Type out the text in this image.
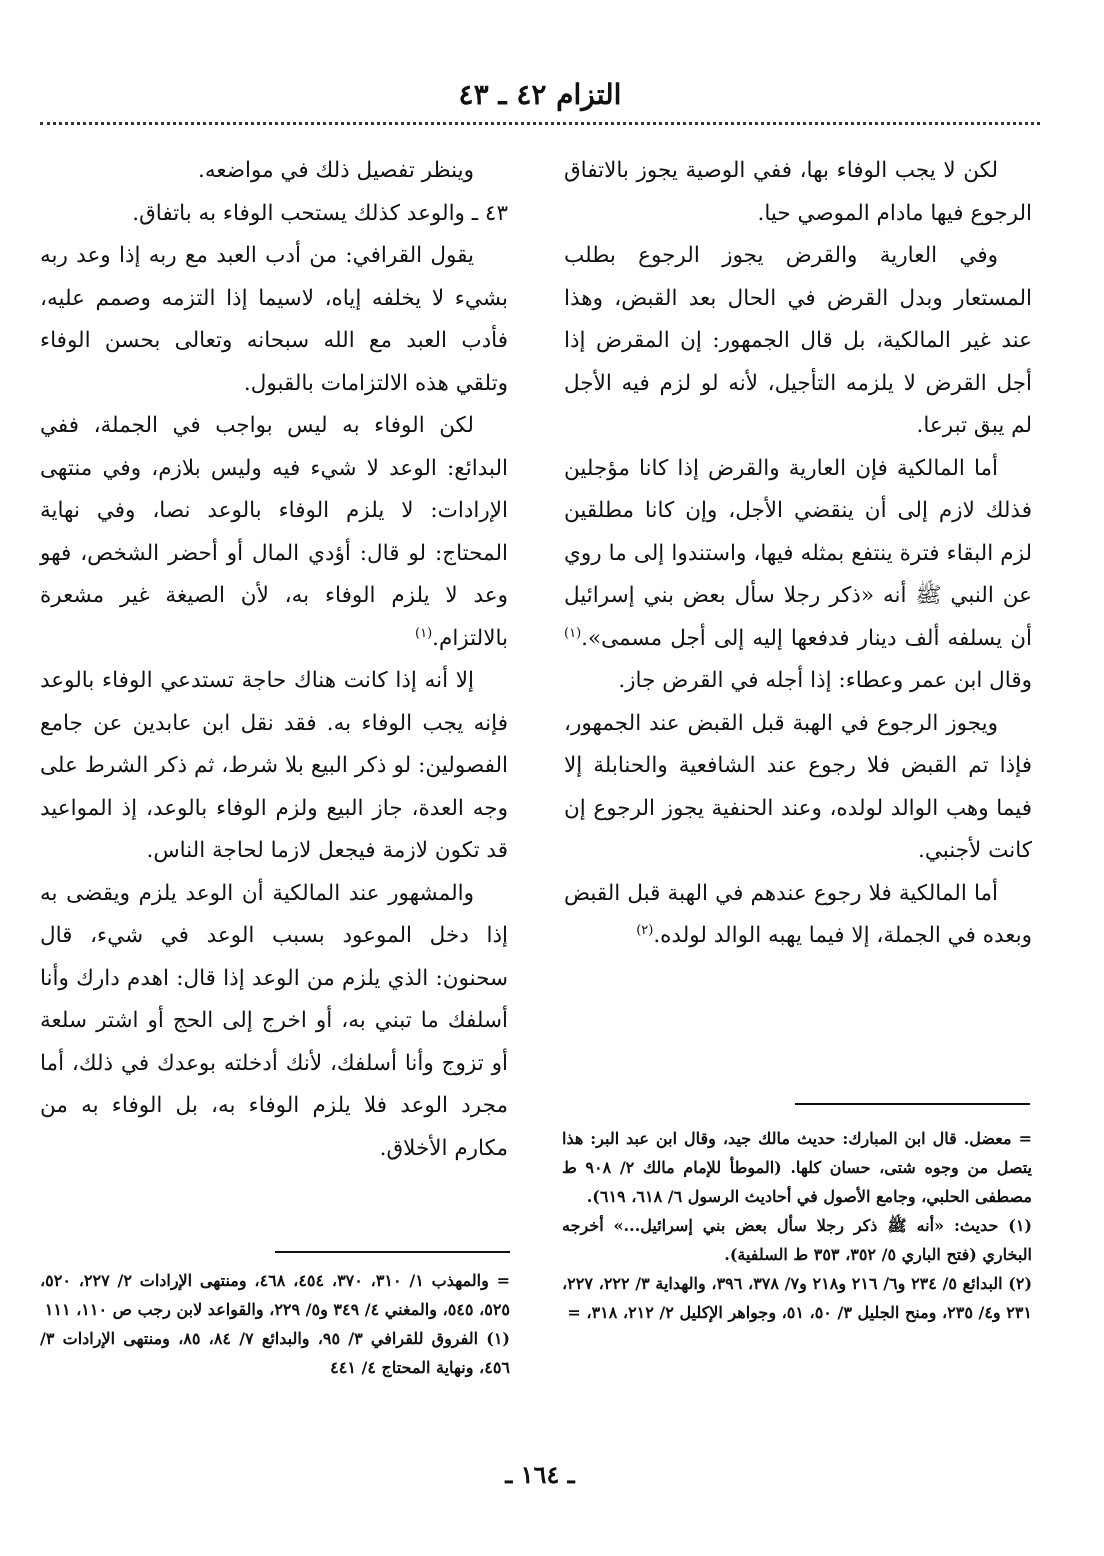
التزام ٤٢ ـ ٤٣

لكن لا يجب الوفاء بها، ففي الوصية يجوز بالاتفاق الرجوع فيها مادام الموصي حيا.

وفي العارية والقرض يجوز الرجوع بطلب المستعار وبدل القرض في الحال بعد القبض، وهذا عند غير المالكية، بل قال الجمهور: إن المقرض إذا أجل القرض لا يلزمه التأجيل، لأنه لو لزم فيه الأجل لم يبق تبرعا.

أما المالكية فإن العارية والقرض إذا كانا مؤجلين فذلك لازم إلى أن ينقضي الأجل، وإن كانا مطلقين لزم البقاء فترة ينتفع بمثله فيها، واستندوا إلى ما روي عن النبي ﷺ أنه «ذكر رجلا سأل بعض بني إسرائيل أن يسلفه ألف دينار فدفعها إليه إلى أجل مسمى».$^{(١)}$ وقال ابن عمر وعطاء: إذا أجله في القرض جاز.

ويجوز الرجوع في الهبة قبل القبض عند الجمهور، فإذا تم القبض فلا رجوع عند الشافعية والحنابلة إلا فيما وهب الوالد لولده، وعند الحنفية يجوز الرجوع إن كانت لأجنبي.

أما المالكية فلا رجوع عندهم في الهبة قبل القبض وبعده في الجملة، إلا فيما يهبه الوالد لولده.$^{(٢)}$

وينظر تفصيل ذلك في مواضعه.

٤٣ ـ والوعد كذلك يستحب الوفاء به باتفاق.

يقول القرافي: من أدب العبد مع ربه إذا وعد ربه بشيء لا يخلفه إياه، لاسيما إذا التزمه وصمم عليه، فأدب العبد مع الله سبحانه وتعالى بحسن الوفاء وتلقي هذه الالتزامات بالقبول.

لكن الوفاء به ليس بواجب في الجملة، ففي البدائع: الوعد لا شيء فيه وليس بلازم، وفي منتهى الإرادات: لا يلزم الوفاء بالوعد نصا، وفي نهاية المحتاج: لو قال: أؤدي المال أو أحضر الشخص، فهو وعد لا يلزم الوفاء به، لأن الصيغة غير مشعرة بالالتزام.$^{(١)}$

إلا أنه إذا كانت هناك حاجة تستدعي الوفاء بالوعد فإنه يجب الوفاء به. فقد نقل ابن عابدين عن جامع الفصولين: لو ذكر البيع بلا شرط، ثم ذكر الشرط على وجه العدة، جاز البيع ولزم الوفاء بالوعد، إذ المواعيد قد تكون لازمة فيجعل لازما لحاجة الناس.

والمشهور عند المالكية أن الوعد يلزم ويقضى به إذا دخل الموعود بسبب الوعد في شيء، قال سحنون: الذي يلزم من الوعد إذا قال: اهدم دارك وأنا أسلفك ما تبني به، أو اخرج إلى الحج أو اشتر سلعة أو تزوج وأنا أسلفك، لأنك أدخلته بوعدك في ذلك، أما مجرد الوعد فلا يلزم الوفاء به، بل الوفاء به من مكارم الأخلاق.	= معضل. قال ابن المبارك: حديث مالك جيد، وقال ابن عبد البر: هذا يتصل من وجوه شتى، حسان كلها. (الموطأ للإمام مالك ٢/ ٩٠٨ ط مصطفى الحلبي، وجامع الأصول في أحاديث الرسول ٦/ ٦١٨، ٦١٩).

(١) حديث: «أنه ﷺ ذكر رجلا سأل بعض بني إسرائيل...» أخرجه البخاري (فتح الباري ٥/ ٣٥٢، ٣٥٣ ط السلفية).

(٢) البدائع ٥/ ٢٣٤ و٦/ ٢١٦ و٢١٨ و٧/ ٣٧٨، ٣٩٦، والهداية ٣/ ٢٢٢، ٢٢٧، ٢٣١ و٤/ ٢٣٥، ومنح الجليل ٣/ ٥٠، ٥١، وجواهر الإكليل ٢/ ٢١٢، ٣١٨، =

= والمهذب ١/ ٣١٠، ٣٧٠، ٤٥٤، ٤٦٨، ومنتهى الإرادات ٢/ ٢٢٧، ٥٢٠، ٥٢٥، ٥٤٥، والمغني ٤/ ٣٤٩ و٥/ ٢٢٩، والقواعد لابن رجب ص ١١٠، ١١١

(١) الفروق للقرافي ٣/ ٩٥، والبدائع ٧/ ٨٤، ٨٥، ومنتهى الإرادات ٣/ ٤٥٦، ونهاية المحتاج ٤/ ٤٤١

ـ ١٦٤ ـ
